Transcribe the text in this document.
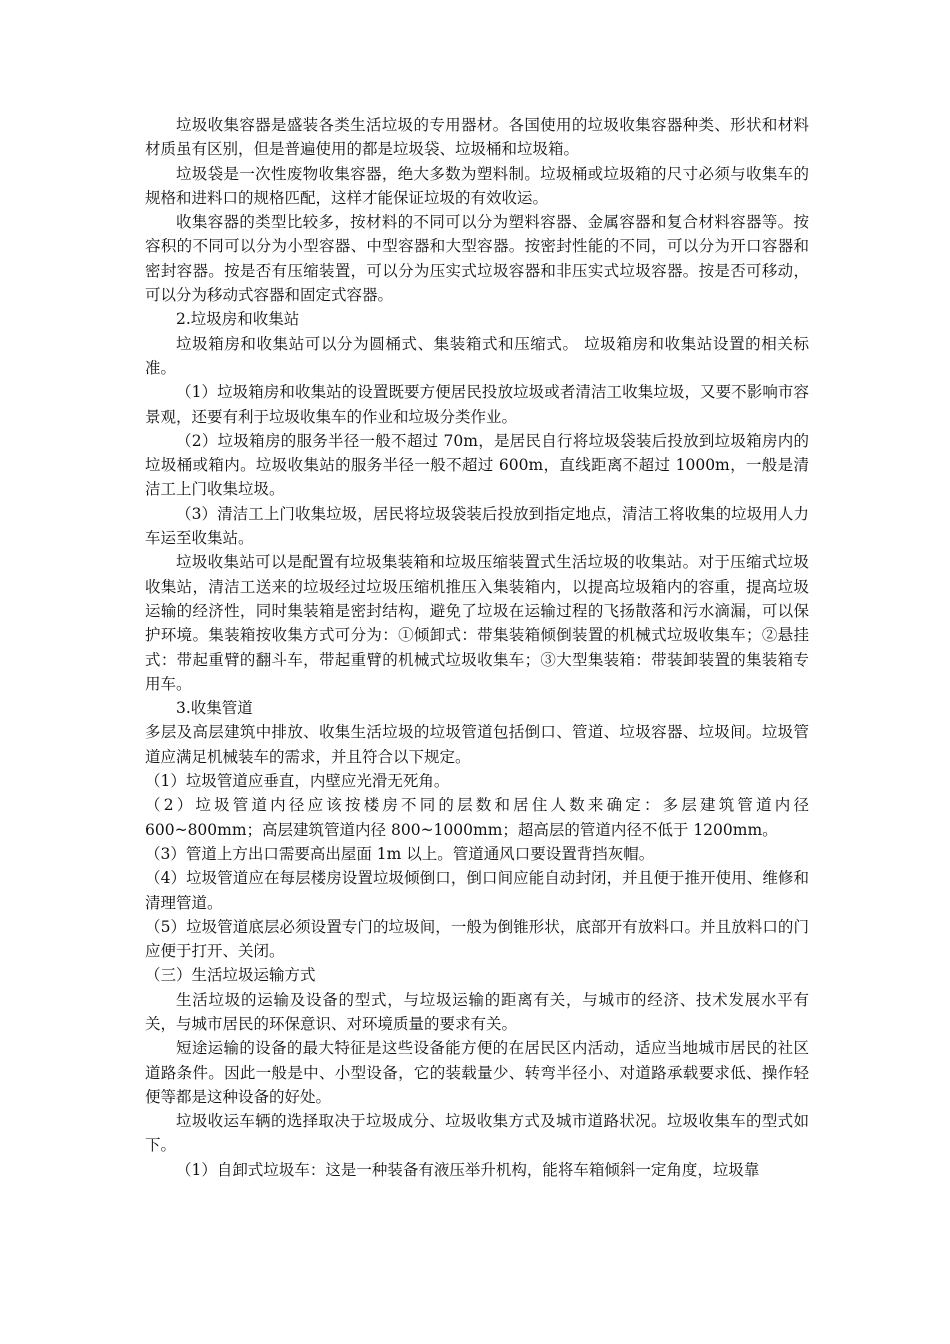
垃圾收集容器是盛装各类生活垃圾的专用器材。各国使用的垃圾收集容器种类、形状和材料材质虽有区别，但是普遍使用的都是垃圾袋、垃圾桶和垃圾箱。

垃圾袋是一次性废物收集容器，绝大多数为塑料制。垃圾桶或垃圾箱的尺寸必须与收集车的规格和进料口的规格匹配，这样才能保证垃圾的有效收运。

收集容器的类型比较多，按材料的不同可以分为塑料容器、金属容器和复合材料容器等。按容积的不同可以分为小型容器、中型容器和大型容器。按密封性能的不同，可以分为开口容器和密封容器。按是否有压缩装置，可以分为压实式垃圾容器和非压实式垃圾容器。按是否可移动，可以分为移动式容器和固定式容器。

2.垃圾房和收集站

垃圾箱房和收集站可以分为圆桶式、集装箱式和压缩式。 垃圾箱房和收集站设置的相关标准。

（1）垃圾箱房和收集站的设置既要方便居民投放垃圾或者清洁工收集垃圾，又要不影响市容景观，还要有利于垃圾收集车的作业和垃圾分类作业。

（2）垃圾箱房的服务半径一般不超过 70m，是居民自行将垃圾袋装后投放到垃圾箱房内的垃圾桶或箱内。垃圾收集站的服务半径一般不超过 600m，直线距离不超过 1000m，一般是清洁工上门收集垃圾。

（3）清洁工上门收集垃圾，居民将垃圾袋装后投放到指定地点，清洁工将收集的垃圾用人力车运至收集站。

垃圾收集站可以是配置有垃圾集装箱和垃圾压缩装置式生活垃圾的收集站。对于压缩式垃圾收集站，清洁工送来的垃圾经过垃圾压缩机推压入集装箱内，以提高垃圾箱内的容重，提高垃圾运输的经济性，同时集装箱是密封结构，避免了垃圾在运输过程的飞扬散落和污水滴漏，可以保护环境。集装箱按收集方式可分为：①倾卸式：带集装箱倾倒装置的机械式垃圾收集车；②悬挂式：带起重臂的翻斗车，带起重臂的机械式垃圾收集车；③大型集装箱：带装卸装置的集装箱专用车。

3.收集管道

多层及高层建筑中排放、收集生活垃圾的垃圾管道包括倒口、管道、垃圾容器、垃圾间。垃圾管道应满足机械装车的需求，并且符合以下规定。

（1）垃圾管道应垂直，内壁应光滑无死角。

（2）垃圾管道内径应该按楼房不同的层数和居住人数来确定：多层建筑管道内径 600~800mm；高层建筑管道内径 800~1000mm；超高层的管道内径不低于 1200mm。

（3）管道上方出口需要高出屋面 1m 以上。管道通风口要设置背挡灰帽。

（4）垃圾管道应在每层楼房设置垃圾倾倒口，倒口间应能自动封闭，并且便于推开使用、维修和清理管道。

（5）垃圾管道底层必须设置专门的垃圾间，一般为倒锥形状，底部开有放料口。并且放料口的门应便于打开、关闭。

（三）生活垃圾运输方式

生活垃圾的运输及设备的型式，与垃圾运输的距离有关，与城市的经济、技术发展水平有关，与城市居民的环保意识、对环境质量的要求有关。

短途运输的设备的最大特征是这些设备能方便的在居民区内活动，适应当地城市居民的社区道路条件。因此一般是中、小型设备，它的装载量少、转弯半径小、对道路承载要求低、操作轻便等都是这种设备的好处。

垃圾收运车辆的选择取决于垃圾成分、垃圾收集方式及城市道路状况。垃圾收集车的型式如下。

（1）自卸式垃圾车：这是一种装备有液压举升机构，能将车箱倾斜一定角度，垃圾靠
